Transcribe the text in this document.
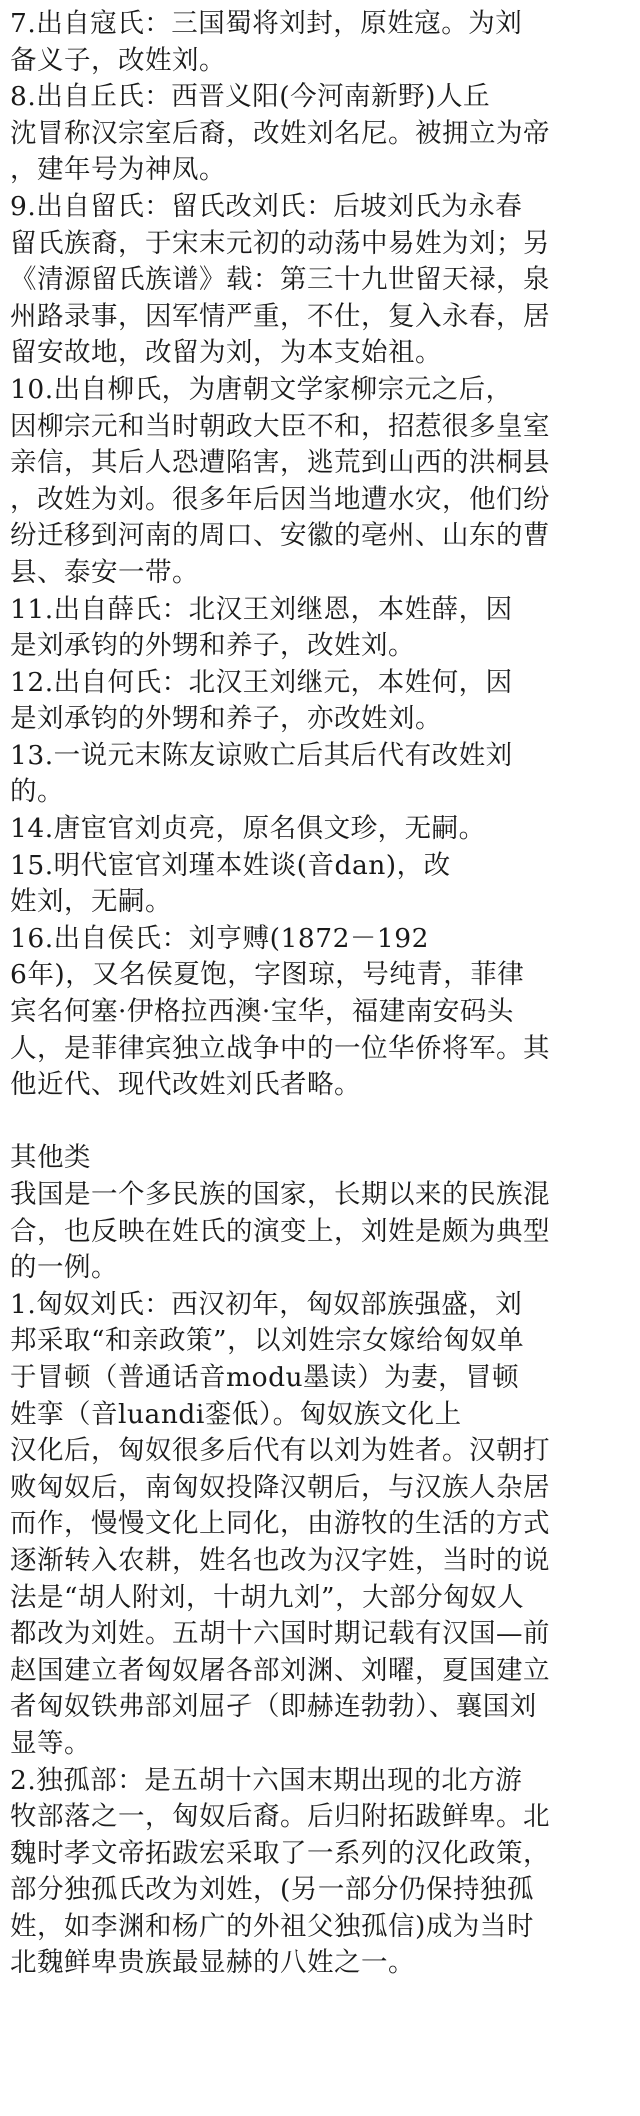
7.出自寇氏：三国蜀将刘封，原姓寇。为刘
备义子，改姓刘。
8.出自丘氏：西晋义阳(今河南新野)人丘
沈冒称汉宗室后裔，改姓刘名尼。被拥立为帝
，建年号为神凤。
9.出自留氏：留氏改刘氏：后坡刘氏为永春
留氏族裔，于宋末元初的动荡中易姓为刘；另
《清源留氏族谱》载：第三十九世留天禄，泉
州路录事，因军情严重，不仕，复入永春，居
留安故地，改留为刘，为本支始祖。
10.出自柳氏，为唐朝文学家柳宗元之后，
因柳宗元和当时朝政大臣不和，招惹很多皇室
亲信，其后人恐遭陷害，逃荒到山西的洪桐县
，改姓为刘。很多年后因当地遭水灾，他们纷
纷迁移到河南的周口、安徽的亳州、山东的曹
县、泰安一带。
11.出自薛氏：北汉王刘继恩，本姓薛，因
是刘承钧的外甥和养子，改姓刘。
12.出自何氏：北汉王刘继元，本姓何，因
是刘承钧的外甥和养子，亦改姓刘。
13.一说元末陈友谅败亡后其后代有改姓刘
的。
14.唐宦官刘贞亮，原名俱文珍，无嗣。
15.明代宦官刘瑾本姓谈(音dan)，改
姓刘，无嗣。
16.出自侯氏：刘亨赙(1872－192
6年)，又名侯夏饱，字图琼，号纯青，菲律
宾名何塞·伊格拉西澳·宝华，福建南安码头
人，是菲律宾独立战争中的一位华侨将军。其
他近代、现代改姓刘氏者略。
其他类
我国是一个多民族的国家，长期以来的民族混
合，也反映在姓氏的演变上，刘姓是颇为典型
的一例。
1.匈奴刘氏：西汉初年，匈奴部族强盛，刘
邦采取“和亲政策”，以刘姓宗女嫁给匈奴单
于冒顿（普通话音modu墨读）为妻，冒顿
姓挛（音luandi銮低）。匈奴族文化上
汉化后，匈奴很多后代有以刘为姓者。汉朝打
败匈奴后，南匈奴投降汉朝后，与汉族人杂居
而作，慢慢文化上同化，由游牧的生活的方式
逐渐转入农耕，姓名也改为汉字姓，当时的说
法是“胡人附刘，十胡九刘”，大部分匈奴人
都改为刘姓。五胡十六国时期记载有汉国—前
赵国建立者匈奴屠各部刘渊、刘曜，夏国建立
者匈奴铁弗部刘屈孑（即赫连勃勃）、襄国刘
显等。
2.独孤部：是五胡十六国末期出现的北方游
牧部落之一，匈奴后裔。后归附拓跋鲜卑。北
魏时孝文帝拓跋宏采取了一系列的汉化政策，
部分独孤氏改为刘姓，(另一部分仍保持独孤
姓，如李渊和杨广的外祖父独孤信)成为当时
北魏鲜卑贵族最显赫的八姓之一。
